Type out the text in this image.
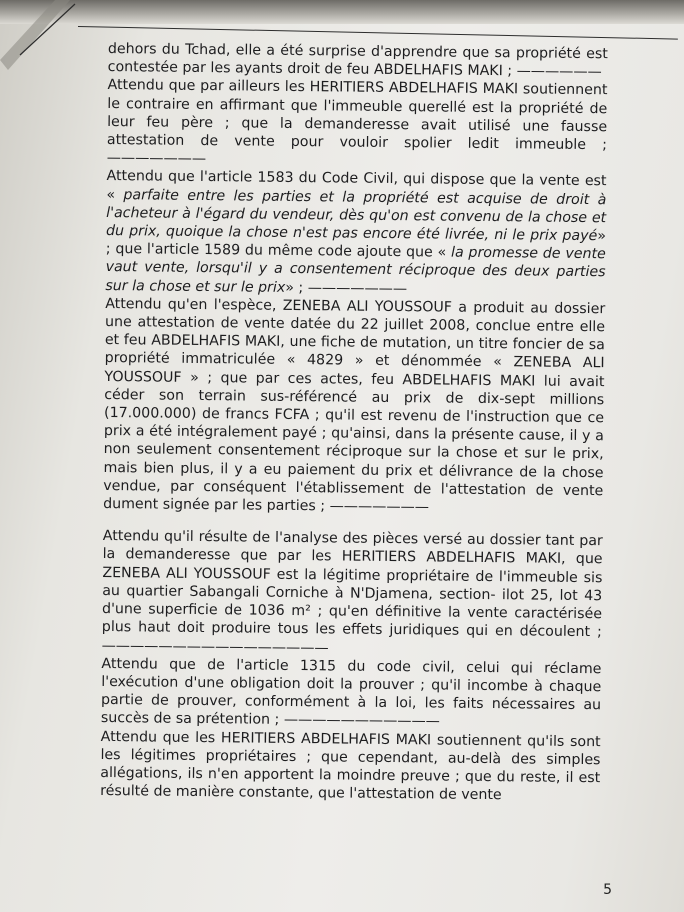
dehors du Tchad, elle a été surprise d'apprendre que sa propriété est contestée par les ayants droit de feu ABDELHAFIS MAKI ; ——————

Attendu que par ailleurs les HERITIERS ABDELHAFIS MAKI soutiennent le contraire en affirmant que l'immeuble querellé est la propriété de leur feu père ; que la demanderesse avait utilisé une fausse attestation de vente pour vouloir spolier ledit immeuble ; ———————

Attendu que l'article 1583 du Code Civil, qui dispose que la vente est « parfaite entre les parties et la propriété est acquise de droit à l'acheteur à l'égard du vendeur, dès qu'on est convenu de la chose et du prix, quoique la chose n'est pas encore été livrée, ni le prix payé» ; que l'article 1589 du même code ajoute que « la promesse de vente vaut vente, lorsqu'il y a consentement réciproque des deux parties sur la chose et sur le prix» ; ———————

Attendu qu'en l'espèce, ZENEBA ALI YOUSSOUF a produit au dossier une attestation de vente datée du 22 juillet 2008, conclue entre elle et feu ABDELHAFIS MAKI, une fiche de mutation, un titre foncier de sa propriété immatriculée « 4829 » et dénommée « ZENEBA ALI YOUSSOUF » ; que par ces actes, feu ABDELHAFIS MAKI lui avait céder son terrain sus-référencé au prix de dix-sept millions (17.000.000) de francs FCFA ; qu'il est revenu de l'instruction que ce prix a été intégralement payé ; qu'ainsi, dans la présente cause, il y a non seulement consentement réciproque sur la chose et sur le prix, mais bien plus, il y a eu paiement du prix et délivrance de la chose vendue, par conséquent l'établissement de l'attestation de vente dument signée par les parties ; ———————

Attendu qu'il résulte de l'analyse des pièces versé au dossier tant par la demanderesse que par les HERITIERS ABDELHAFIS MAKI, que ZENEBA ALI YOUSSOUF est la légitime propriétaire de l'immeuble sis au quartier Sabangali Corniche à N'Djamena, section- ilot 25, lot 43 d'une superficie de 1036 m² ; qu'en définitive la vente caractérisée plus haut doit produire tous les effets juridiques qui en découlent ; ————————————————

Attendu que de l'article 1315 du code civil, celui qui réclame l'exécution d'une obligation doit la prouver ; qu'il incombe à chaque partie de prouver, conformément à la loi, les faits nécessaires au succès de sa prétention ; ———————————

Attendu que les HERITIERS ABDELHAFIS MAKI soutiennent qu'ils sont les légitimes propriétaires ; que cependant, au-delà des simples allégations, ils n'en apportent la moindre preuve ; que du reste, il est résulté de manière constante, que l'attestation de vente

5
